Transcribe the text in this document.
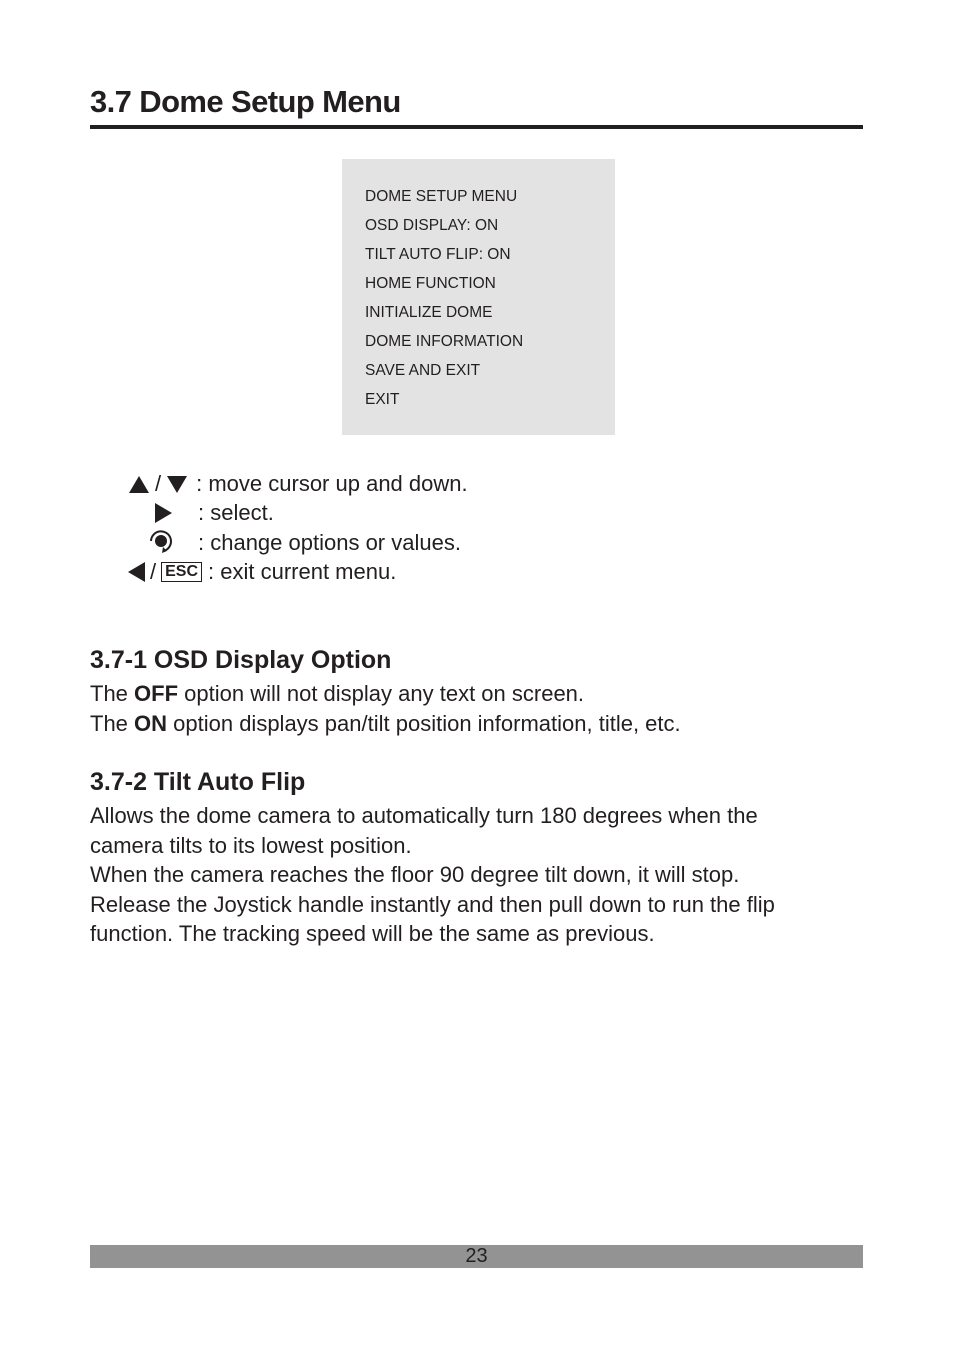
3.7 Dome Setup Menu
DOME SETUP MENU
OSD DISPLAY: ON
TILT AUTO FLIP: ON
HOME FUNCTION
INITIALIZE DOME
DOME INFORMATION
SAVE AND EXIT
EXIT
/ : move cursor up and down.
: select.
: change options or values.
/ ESC : exit current menu.
3.7-1 OSD Display Option

The OFF option will not display any text on screen.

The ON option displays pan/tilt position information, title, etc.

3.7-2 Tilt Auto Flip

Allows the dome camera to automatically turn 180 degrees when the

camera tilts to its lowest position.

When the camera reaches the floor 90 degree tilt down, it will stop.

Release the Joystick handle instantly and then pull down to run the flip

function. The tracking speed will be the same as previous.

23
